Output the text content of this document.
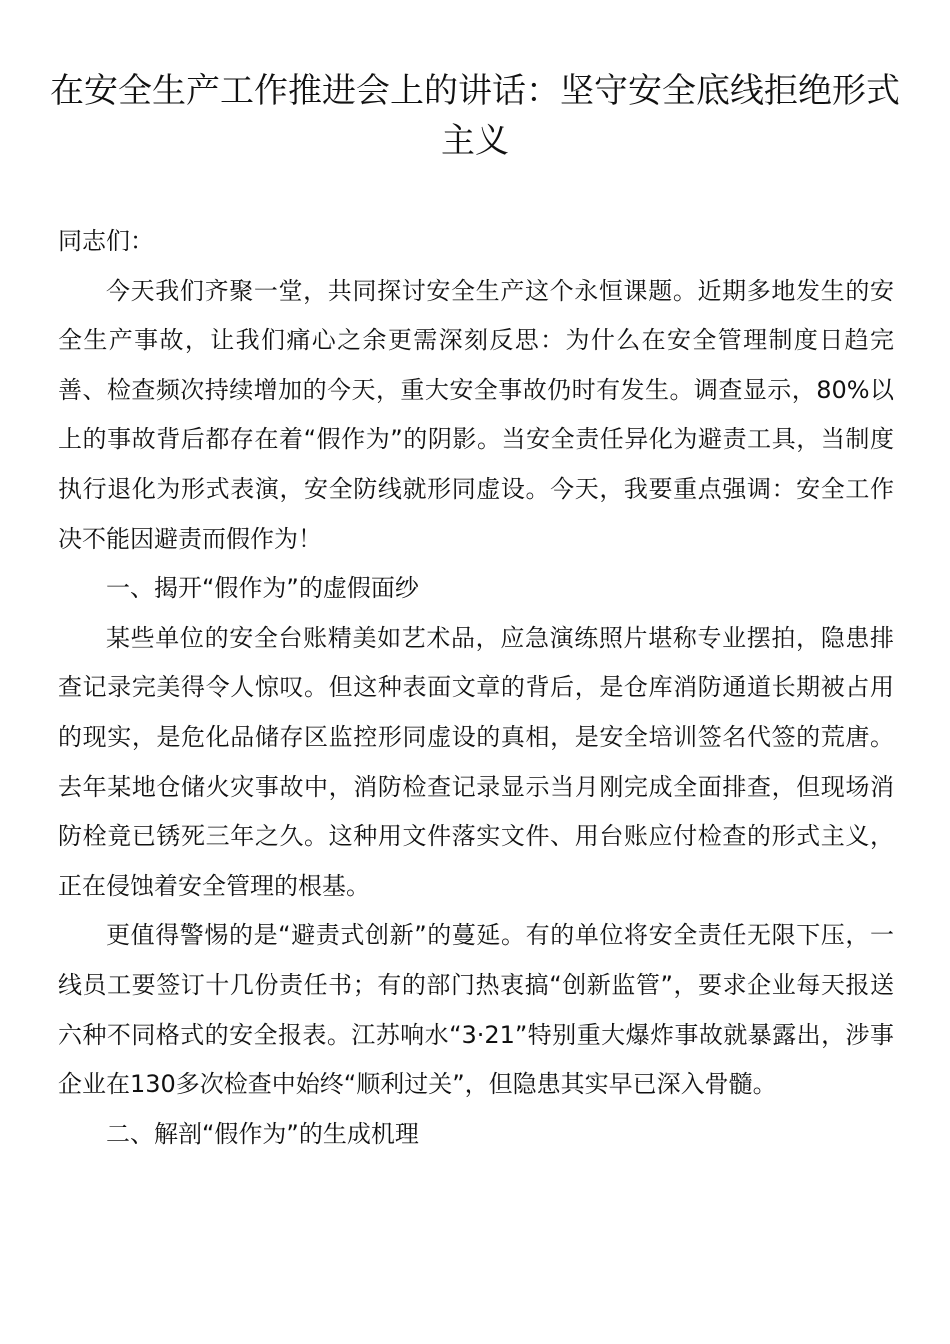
在安全生产工作推进会上的讲话：坚守安全底线拒绝形式主义

同志们：

今天我们齐聚一堂，共同探讨安全生产这个永恒课题。近期多地发生的安全生产事故，让我们痛心之余更需深刻反思：为什么在安全管理制度日趋完善、检查频次持续增加的今天，重大安全事故仍时有发生。调查显示，80%以上的事故背后都存在着“假作为”的阴影。当安全责任异化为避责工具，当制度执行退化为形式表演，安全防线就形同虚设。今天，我要重点强调：安全工作决不能因避责而假作为！

一、揭开“假作为”的虚假面纱

某些单位的安全台账精美如艺术品，应急演练照片堪称专业摆拍，隐患排查记录完美得令人惊叹。但这种表面文章的背后，是仓库消防通道长期被占用的现实，是危化品储存区监控形同虚设的真相，是安全培训签名代签的荒唐。去年某地仓储火灾事故中，消防检查记录显示当月刚完成全面排查，但现场消防栓竟已锈死三年之久。这种用文件落实文件、用台账应付检查的形式主义，正在侵蚀着安全管理的根基。

更值得警惕的是“避责式创新”的蔓延。有的单位将安全责任无限下压，一线员工要签订十几份责任书；有的部门热衷搞“创新监管”，要求企业每天报送六种不同格式的安全报表。江苏响水“3·21”特别重大爆炸事故就暴露出，涉事企业在130多次检查中始终“顺利过关”，但隐患其实早已深入骨髓。

二、解剖“假作为”的生成机理
